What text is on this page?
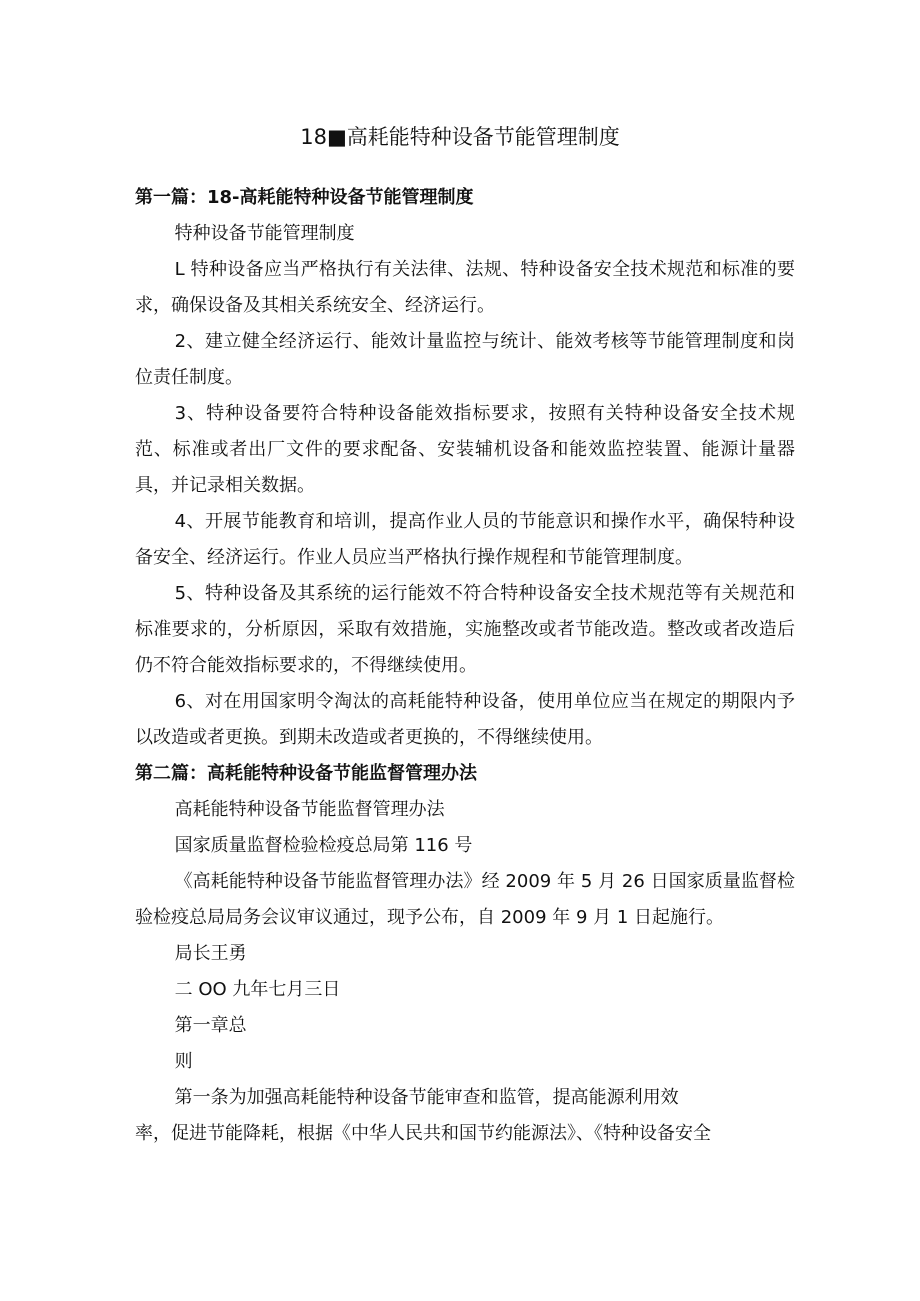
18■高耗能特种设备节能管理制度

第一篇：18-高耗能特种设备节能管理制度

特种设备节能管理制度

L 特种设备应当严格执行有关法律、法规、特种设备安全技术规范和标准的要求，确保设备及其相关系统安全、经济运行。

2、建立健全经济运行、能效计量监控与统计、能效考核等节能管理制度和岗位责任制度。

3、特种设备要符合特种设备能效指标要求，按照有关特种设备安全技术规范、标准或者出厂文件的要求配备、安装辅机设备和能效监控装置、能源计量器具，并记录相关数据。

4、开展节能教育和培训，提高作业人员的节能意识和操作水平，确保特种设备安全、经济运行。作业人员应当严格执行操作规程和节能管理制度。

5、特种设备及其系统的运行能效不符合特种设备安全技术规范等有关规范和标准要求的，分析原因，采取有效措施，实施整改或者节能改造。整改或者改造后仍不符合能效指标要求的，不得继续使用。

6、对在用国家明令淘汰的高耗能特种设备，使用单位应当在规定的期限内予以改造或者更换。到期未改造或者更换的，不得继续使用。

第二篇：高耗能特种设备节能监督管理办法

高耗能特种设备节能监督管理办法

国家质量监督检验检疫总局第 116 号

《高耗能特种设备节能监督管理办法》经 2009 年 5 月 26 日国家质量监督检验检疫总局局务会议审议通过，现予公布，自 2009 年 9 月 1 日起施行。

局长王勇

二 OO 九年七月三日

第一章总

则

第一条为加强高耗能特种设备节能审查和监管，提高能源利用效

率，促进节能降耗，根据《中华人民共和国节约能源法》、《特种设备安全
